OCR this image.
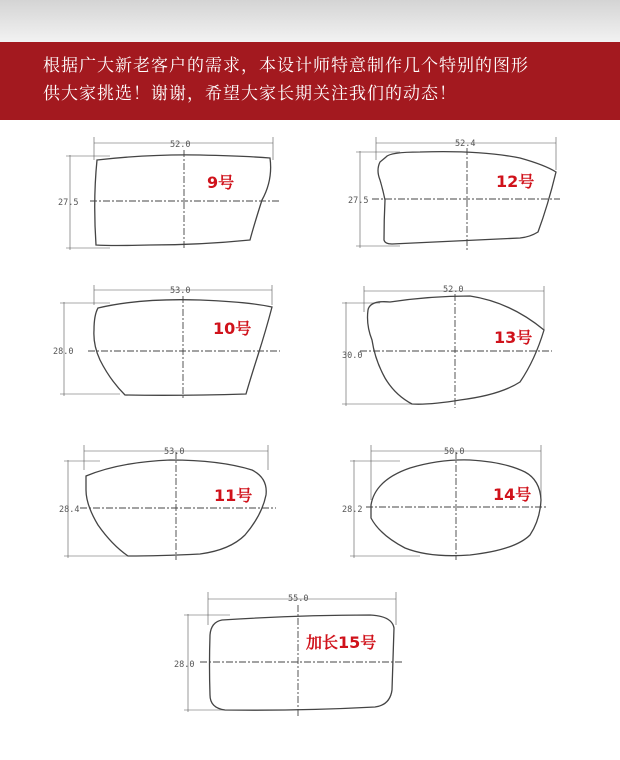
根据广大新老客户的需求，本设计师特意制作几个特别的图形
供大家挑选！谢谢，希望大家长期关注我们的动态！
52.0
27.5
9号
52.4
27.5
12号
53.0
28.0
10号
52.0
30.0
13号
53.0
28.4
11号
50.0
28.2
14号
55.0
28.0
加长15号
